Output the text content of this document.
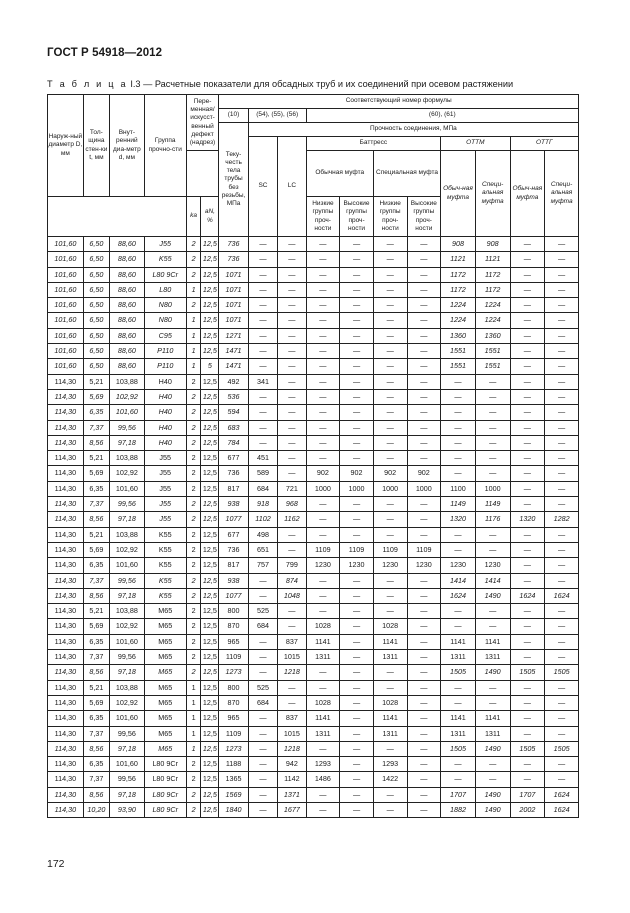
ГОСТ Р 54918—2012
Т а б л и ц а I.3 — Расчетные показатели для обсадных труб и их соединений при осевом растяжении
Наруж-ный диаметр D, мм	Тол-щина стен-ки t, мм	Внут-ренний диа-метр d, мм	Группа прочно-сти	Пере-менная/ искусст-венный дефект (надрез)		Соответствующий номер формулы										
						(10)	(54), (55), (56)		(60), (61)							
						Теку-честь тела трубы без резьбы, МПа	Прочность соединения, МПа									
							SC	LC	Баттресс				ОТТМ		ОТТГ	
									Обычная муфта		Специальная муфта		Обыч-ная муфта	Специ-альная муфта	Обыч-ная муфта	Специ-альная муфта
				ka	aN, %				Низкие группы проч-ности	Высокие группы проч-ности	Низкие группы проч-ности	Высокие группы проч-ности				
101,60	6,50	88,60	J55	2	12,5	736	—	—	—	—	—	—	908	908	—	—
101,60	6,50	88,60	K55	2	12,5	736	—	—	—	—	—	—	1121	1121	—	—
101,60	6,50	88,60	L80 9Cr	2	12,5	1071	—	—	—	—	—	—	1172	1172	—	—
101,60	6,50	88,60	L80	1	12,5	1071	—	—	—	—	—	—	1172	1172	—	—
101,60	6,50	88,60	N80	2	12,5	1071	—	—	—	—	—	—	1224	1224	—	—
101,60	6,50	88,60	N80	1	12,5	1071	—	—	—	—	—	—	1224	1224	—	—
101,60	6,50	88,60	C95	1	12,5	1271	—	—	—	—	—	—	1360	1360	—	—
101,60	6,50	88,60	P110	1	12,5	1471	—	—	—	—	—	—	1551	1551	—	—
101,60	6,50	88,60	P110	1	5	1471	—	—	—	—	—	—	1551	1551	—	—
114,30	5,21	103,88	H40	2	12,5	492	341	—	—	—	—	—	—	—	—	—
114,30	5,69	102,92	H40	2	12,5	536	—	—	—	—	—	—	—	—	—	—
114,30	6,35	101,60	H40	2	12,5	594	—	—	—	—	—	—	—	—	—	—
114,30	7,37	99,56	H40	2	12,5	683	—	—	—	—	—	—	—	—	—	—
114,30	8,56	97,18	H40	2	12,5	784	—	—	—	—	—	—	—	—	—	—
114,30	5,21	103,88	J55	2	12,5	677	451	—	—	—	—	—	—	—	—	—
114,30	5,69	102,92	J55	2	12,5	736	589	—	902	902	902	902	—	—	—	—
114,30	6,35	101,60	J55	2	12,5	817	684	721	1000	1000	1000	1000	1100	1000	—	—
114,30	7,37	99,56	J55	2	12,5	938	918	968	—	—	—	—	1149	1149	—	—
114,30	8,56	97,18	J55	2	12,5	1077	1102	1162	—	—	—	—	1320	1176	1320	1282
114,30	5,21	103,88	K55	2	12,5	677	498	—	—	—	—	—	—	—	—	—
114,30	5,69	102,92	K55	2	12,5	736	651	—	1109	1109	1109	1109	—	—	—	—
114,30	6,35	101,60	K55	2	12,5	817	757	799	1230	1230	1230	1230	1230	1230	—	—
114,30	7,37	99,56	K55	2	12,5	938	—	874	—	—	—	—	1414	1414	—	—
114,30	8,56	97,18	K55	2	12,5	1077	—	1048	—	—	—	—	1624	1490	1624	1624
114,30	5,21	103,88	M65	2	12,5	800	525	—	—	—	—	—	—	—	—	—
114,30	5,69	102,92	M65	2	12,5	870	684	—	1028	—	1028	—	—	—	—	—
114,30	6,35	101,60	M65	2	12,5	965	—	837	1141	—	1141	—	1141	1141	—	—
114,30	7,37	99,56	M65	2	12,5	1109	—	1015	1311	—	1311	—	1311	1311	—	—
114,30	8,56	97,18	M65	2	12,5	1273	—	1218	—	—	—	—	1505	1490	1505	1505
114,30	5,21	103,88	M65	1	12,5	800	525	—	—	—	—	—	—	—	—	—
114,30	5,69	102,92	M65	1	12,5	870	684	—	1028	—	1028	—	—	—	—	—
114,30	6,35	101,60	M65	1	12,5	965	—	837	1141	—	1141	—	1141	1141	—	—
114,30	7,37	99,56	M65	1	12,5	1109	—	1015	1311	—	1311	—	1311	1311	—	—
114,30	8,56	97,18	M65	1	12,5	1273	—	1218	—	—	—	—	1505	1490	1505	1505
114,30	6,35	101,60	L80 9Cr	2	12,5	1188	—	942	1293	—	1293	—	—	—	—	—
114,30	7,37	99,56	L80 9Cr	2	12,5	1365	—	1142	1486	—	1422	—	—	—	—	—
114,30	8,56	97,18	L80 9Cr	2	12,5	1569	—	1371	—	—	—	—	1707	1490	1707	1624
114,30	10,20	93,90	L80 9Cr	2	12,5	1840	—	1677	—	—	—	—	1882	1490	2002	1624
172
